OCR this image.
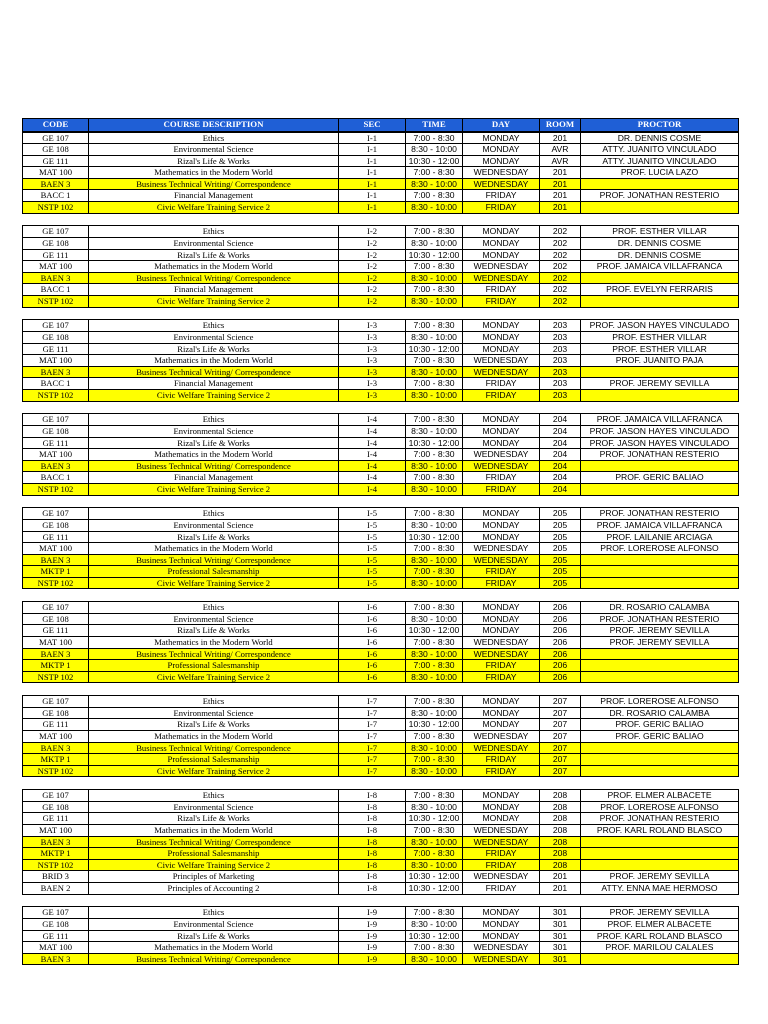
CODE	COURSE DESCRIPTION	SEC	TIME	DAY	ROOM	PROCTOR
GE 107	Ethics	I-1	7:00 - 8:30	MONDAY	201	DR. DENNIS COSME
GE 108	Environmental Science	I-1	8:30 - 10:00	MONDAY	AVR	ATTY. JUANITO VINCULADO
GE 111	Rizal's Life & Works	I-1	10:30 - 12:00	MONDAY	AVR	ATTY. JUANITO VINCULADO
MAT 100	Mathematics in the Modern World	I-1	7:00 - 8:30	WEDNESDAY	201	PROF. LUCIA LAZO
BAEN 3	Business Technical Writing/ Correspondence	I-1	8:30 - 10:00	WEDNESDAY	201	
BACC 1	Financial Management	I-1	7:00 - 8:30	FRIDAY	201	PROF. JONATHAN RESTERIO
NSTP 102	Civic Welfare Training Service 2	I-1	8:30 - 10:00	FRIDAY	201	
GE 107	Ethics	I-2	7:00 - 8:30	MONDAY	202	PROF. ESTHER VILLAR
GE 108	Environmental Science	I-2	8:30 - 10:00	MONDAY	202	DR. DENNIS COSME
GE 111	Rizal's Life & Works	I-2	10:30 - 12:00	MONDAY	202	DR. DENNIS COSME
MAT 100	Mathematics in the Modern World	I-2	7:00 - 8:30	WEDNESDAY	202	PROF. JAMAICA VILLAFRANCA
BAEN 3	Business Technical Writing/ Correspondence	I-2	8:30 - 10:00	WEDNESDAY	202	
BACC 1	Financial Management	I-2	7:00 - 8:30	FRIDAY	202	PROF. EVELYN FERRARIS
NSTP 102	Civic Welfare Training Service 2	I-2	8:30 - 10:00	FRIDAY	202	
GE 107	Ethics	I-3	7:00 - 8:30	MONDAY	203	PROF. JASON HAYES VINCULADO
GE 108	Environmental Science	I-3	8:30 - 10:00	MONDAY	203	PROF. ESTHER VILLAR
GE 111	Rizal's Life & Works	I-3	10:30 - 12:00	MONDAY	203	PROF. ESTHER VILLAR
MAT 100	Mathematics in the Modern World	I-3	7:00 - 8:30	WEDNESDAY	203	PROF. JUANITO PAJA
BAEN 3	Business Technical Writing/ Correspondence	I-3	8:30 - 10:00	WEDNESDAY	203	
BACC 1	Financial Management	I-3	7:00 - 8:30	FRIDAY	203	PROF. JEREMY SEVILLA
NSTP 102	Civic Welfare Training Service 2	I-3	8:30 - 10:00	FRIDAY	203	
GE 107	Ethics	I-4	7:00 - 8:30	MONDAY	204	PROF. JAMAICA VILLAFRANCA
GE 108	Environmental Science	I-4	8:30 - 10:00	MONDAY	204	PROF. JASON HAYES VINCULADO
GE 111	Rizal's Life & Works	I-4	10:30 - 12:00	MONDAY	204	PROF. JASON HAYES VINCULADO
MAT 100	Mathematics in the Modern World	I-4	7:00 - 8:30	WEDNESDAY	204	PROF. JONATHAN RESTERIO
BAEN 3	Business Technical Writing/ Correspondence	I-4	8:30 - 10:00	WEDNESDAY	204	
BACC 1	Financial Management	I-4	7:00 - 8:30	FRIDAY	204	PROF. GERIC BALIAO
NSTP 102	Civic Welfare Training Service 2	I-4	8:30 - 10:00	FRIDAY	204	
GE 107	Ethics	I-5	7:00 - 8:30	MONDAY	205	PROF. JONATHAN RESTERIO
GE 108	Environmental Science	I-5	8:30 - 10:00	MONDAY	205	PROF. JAMAICA VILLAFRANCA
GE 111	Rizal's Life & Works	I-5	10:30 - 12:00	MONDAY	205	PROF. LAILANIE ARCIAGA
MAT 100	Mathematics in the Modern World	I-5	7:00 - 8:30	WEDNESDAY	205	PROF. LOREROSE ALFONSO
BAEN 3	Business Technical Writing/ Correspondence	I-5	8:30 - 10:00	WEDNESDAY	205	
MKTP 1	Professional Salesmanship	I-5	7:00 - 8:30	FRIDAY	205	
NSTP 102	Civic Welfare Training Service 2	I-5	8:30 - 10:00	FRIDAY	205	
GE 107	Ethics	I-6	7:00 - 8:30	MONDAY	206	DR. ROSARIO CALAMBA
GE 108	Environmental Science	I-6	8:30 - 10:00	MONDAY	206	PROF. JONATHAN RESTERIO
GE 111	Rizal's Life & Works	I-6	10:30 - 12:00	MONDAY	206	PROF. JEREMY SEVILLA
MAT 100	Mathematics in the Modern World	I-6	7:00 - 8:30	WEDNESDAY	206	PROF. JEREMY SEVILLA
BAEN 3	Business Technical Writing/ Correspondence	I-6	8:30 - 10:00	WEDNESDAY	206	
MKTP 1	Professional Salesmanship	I-6	7:00 - 8:30	FRIDAY	206	
NSTP 102	Civic Welfare Training Service 2	I-6	8:30 - 10:00	FRIDAY	206	
GE 107	Ethics	I-7	7:00 - 8:30	MONDAY	207	PROF. LOREROSE ALFONSO
GE 108	Environmental Science	I-7	8:30 - 10:00	MONDAY	207	DR. ROSARIO CALAMBA
GE 111	Rizal's Life & Works	I-7	10:30 - 12:00	MONDAY	207	PROF. GERIC BALIAO
MAT 100	Mathematics in the Modern World	I-7	7:00 - 8:30	WEDNESDAY	207	PROF. GERIC BALIAO
BAEN 3	Business Technical Writing/ Correspondence	I-7	8:30 - 10:00	WEDNESDAY	207	
MKTP 1	Professional Salesmanship	I-7	7:00 - 8:30	FRIDAY	207	
NSTP 102	Civic Welfare Training Service 2	I-7	8:30 - 10:00	FRIDAY	207	
GE 107	Ethics	I-8	7:00 - 8:30	MONDAY	208	PROF. ELMER ALBACETE
GE 108	Environmental Science	I-8	8:30 - 10:00	MONDAY	208	PROF. LOREROSE ALFONSO
GE 111	Rizal's Life & Works	I-8	10:30 - 12:00	MONDAY	208	PROF. JONATHAN RESTERIO
MAT 100	Mathematics in the Modern World	I-8	7:00 - 8:30	WEDNESDAY	208	PROF. KARL ROLAND BLASCO
BAEN 3	Business Technical Writing/ Correspondence	I-8	8:30 - 10:00	WEDNESDAY	208	
MKTP 1	Professional Salesmanship	I-8	7:00 - 8:30	FRIDAY	208	
NSTP 102	Civic Welfare Training Service 2	I-8	8:30 - 10:00	FRIDAY	208	
BRID 3	Principles of Marketing	I-8	10:30 - 12:00	WEDNESDAY	201	PROF. JEREMY SEVILLA
BAEN 2	Principles of Accounting 2	I-8	10:30 - 12:00	FRIDAY	201	ATTY. ENNA MAE HERMOSO
GE 107	Ethics	I-9	7:00 - 8:30	MONDAY	301	PROF. JEREMY SEVILLA
GE 108	Environmental Science	I-9	8:30 - 10:00	MONDAY	301	PROF. ELMER ALBACETE
GE 111	Rizal's Life & Works	I-9	10:30 - 12:00	MONDAY	301	PROF. KARL ROLAND BLASCO
MAT 100	Mathematics in the Modern World	I-9	7:00 - 8:30	WEDNESDAY	301	PROF. MARILOU CALALES
BAEN 3	Business Technical Writing/ Correspondence	I-9	8:30 - 10:00	WEDNESDAY	301	
